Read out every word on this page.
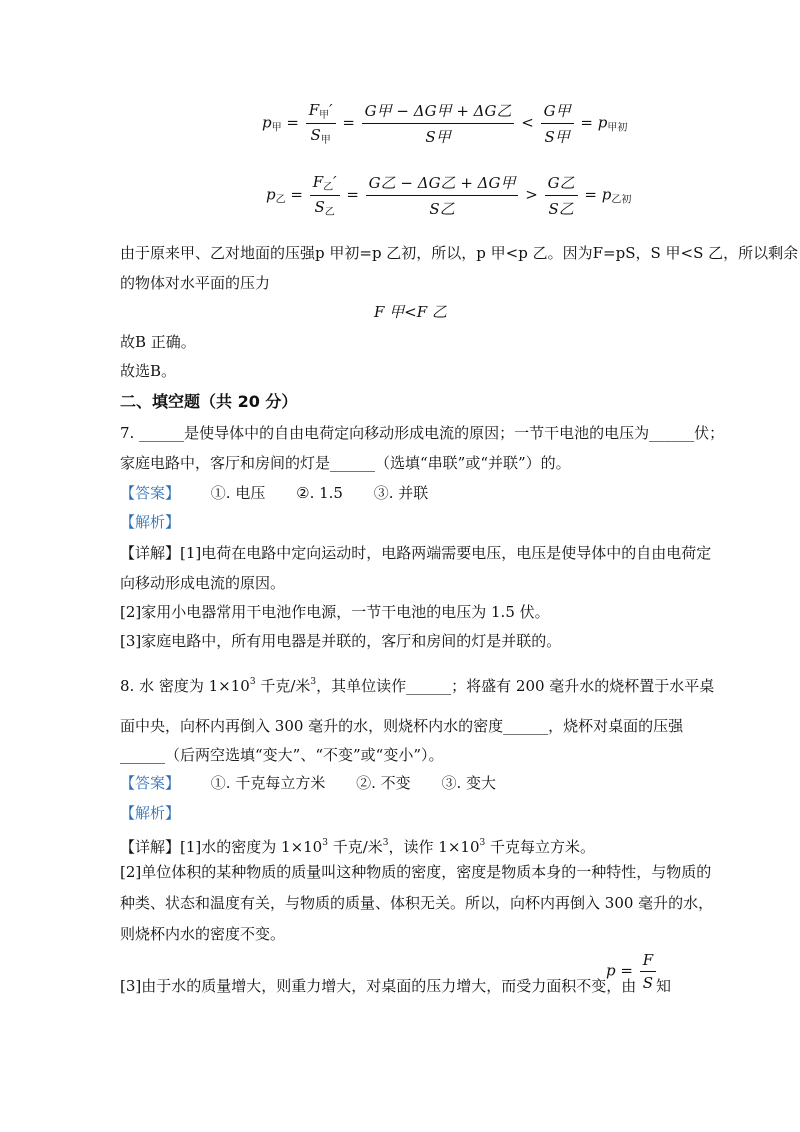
$p_甲 = \frac{F_甲'}{S_甲} = \frac{\text{G甲 − ΔG甲 + ΔG乙}}{\text{S甲}} < \frac{\text{G甲}}{\text{S甲}} = p_{甲初}$
$p_乙 = \frac{F_乙'}{S_乙} = \frac{\text{G乙 − ΔG乙 + ΔG甲}}{\text{S乙}} > \frac{\text{G乙}}{\text{S乙}} = p_{乙初}$
由于原来甲、乙对地面的压强p 甲初=p 乙初，所以，p 甲<p 乙。因为F=pS，S 甲<S 乙，所以剩余
的物体对水平面的压力
F 甲<F 乙
故B 正确。
故选B。
二、填空题（共 20 分）
7. ______是使导体中的自由电荷定向移动形成电流的原因；一节干电池的电压为______伏；
家庭电路中，客厅和房间的灯是______（选填“串联”或“并联”）的。
【答案】 ①. 电压 ②. 1.5 ③. 并联
【解析】
【详解】[1]电荷在电路中定向运动时，电路两端需要电压，电压是使导体中的自由电荷定
向移动形成电流的原因。
[2]家用小电器常用干电池作电源，一节干电池的电压为 1.5 伏。
[3]家庭电路中，所有用电器是并联的，客厅和房间的灯是并联的。
8. 水 密度为 $1\times 10^3$ 千克/米$^3$，其单位读作______；将盛有 200 毫升水的烧杯置于水平桌
面中央，向杯内再倒入 300 毫升的水，则烧杯内水的密度______，烧杯对桌面的压强
______（后两空选填“变大”、“不变”或“变小”）。
【答案】 ①. 千克每立方米 ②. 不变 ③. 变大
【解析】
【详解】[1]水的密度为 $1\times 10^3$ 千克/米$^3$，读作 $1\times 10^3$ 千克每立方米。
[2]单位体积的某种物质的质量叫这种物质的密度，密度是物质本身的一种特性，与物质的
种类、状态和温度有关，与物质的质量、体积无关。所以，向杯内再倒入 300 毫升的水，
则烧杯内水的密度不变。
[3]由于水的质量增大，则重力增大，对桌面的压力增大，而受力面积不变，由
$p = \frac{F}{S}$ 知
